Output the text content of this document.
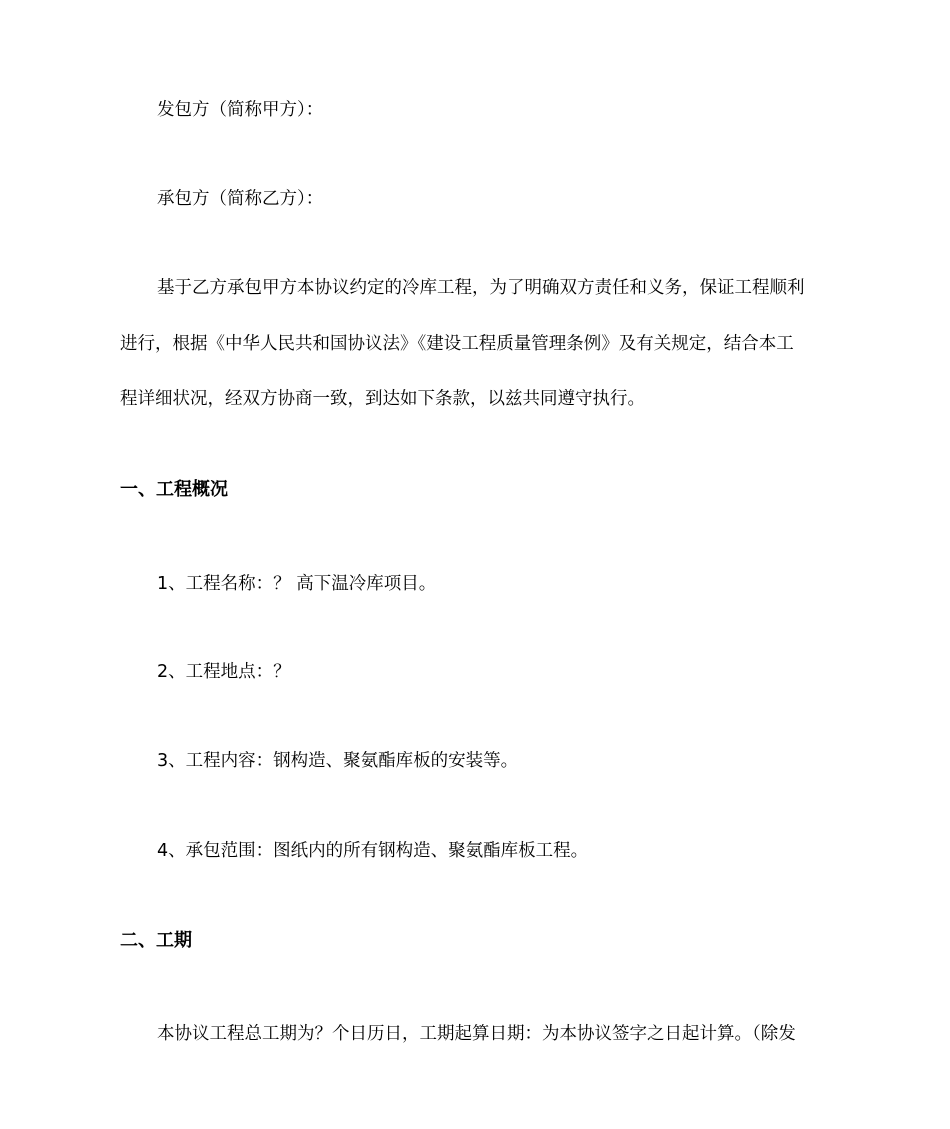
发包方（简称甲方）：
承包方（简称乙方）：
基于乙方承包甲方本协议约定的冷库工程，为了明确双方责任和义务，保证工程顺利
进行，根据《中华人民共和国协议法》《建设工程质量管理条例》及有关规定，结合本工
程详细状况，经双方协商一致，到达如下条款，以兹共同遵守执行。
一、工程概况
1、工程名称：？ 高下温冷库项目。
2、工程地点：？
3、工程内容：钢构造、聚氨酯库板的安装等。
4、承包范围：图纸内的所有钢构造、聚氨酯库板工程。
二、工期
本协议工程总工期为？个日历日，工期起算日期：为本协议签字之日起计算。（除发
